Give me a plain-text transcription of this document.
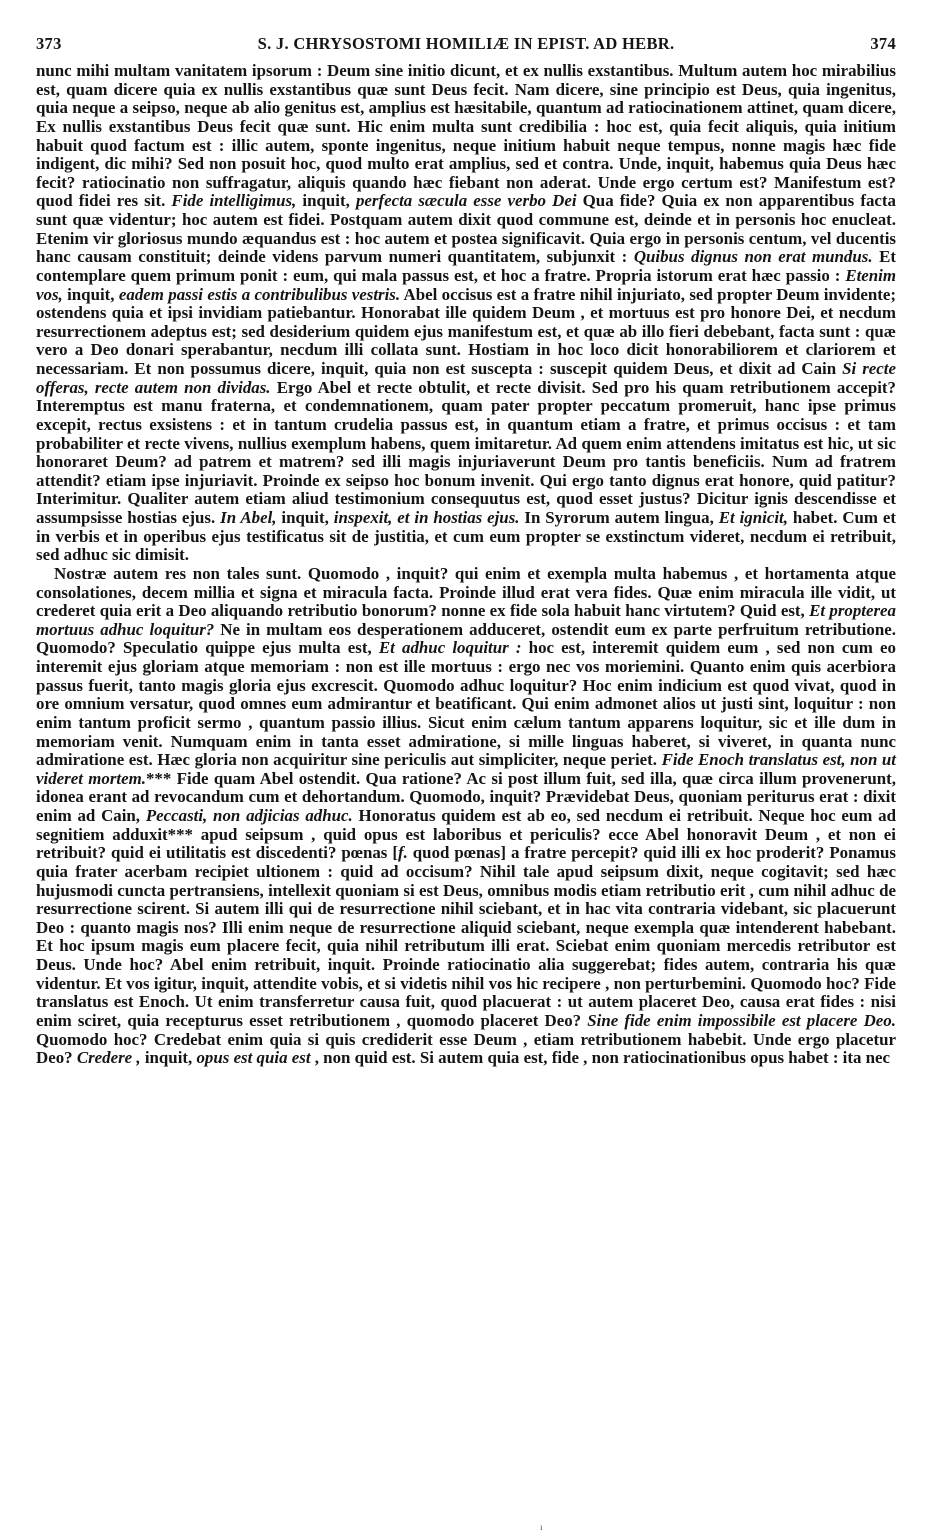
373	S. J. CHRYSOSTOMI HOMILIÆ IN EPIST. AD HEBR.	374

nunc mihi multam vanitatem ipsorum : Deum sine initio dicunt, et ex nullis exstantibus. Multum autem hoc mirabilius est, quam dicere quia ex nullis exstantibus quæ sunt Deus fecit. Nam dicere, sine principio est Deus, quia ingenitus, quia neque a seipso, neque ab alio genitus est, amplius est hæsitabile, quantum ad ratiocinationem attinet, quam dicere, Ex nullis exstantibus Deus fecit quæ sunt. Hic enim multa sunt credibilia : hoc est, quia fecit aliquis, quia initium habuit quod factum est : illic autem, sponte ingenitus, neque initium habuit neque tempus, nonne magis hæc fide indigent, dic mihi? Sed non posuit hoc, quod multo erat amplius, sed et contra. Unde, inquit, habemus quia Deus hæc fecit? ratiocinatio non suffragatur, aliquis quando hæc fiebant non aderat. Unde ergo certum est? Manifestum est? quod fidei res sit. Fide intelligimus, inquit, perfecta sæcula esse verbo Dei Qua fide? Quia ex non apparentibus facta sunt quæ videntur; hoc autem est fidei. Postquam autem dixit quod commune est, deinde et in personis hoc enucleat. Etenim vir gloriosus mundo æquandus est : hoc autem et postea significavit. Quia ergo in personis centum, vel ducentis hanc causam constituit; deinde videns parvum numeri quantitatem, subjunxit : Quibus dignus non erat mundus. Et contemplare quem primum ponit : eum, qui mala passus est, et hoc a fratre. Propria istorum erat hæc passio : Etenim vos, inquit, eadem passi estis a contribulibus vestris. Abel occisus est a fratre nihil injuriato, sed propter Deum invidente; ostendens quia et ipsi invidiam patiebantur. Honorabat ille quidem Deum , et mortuus est pro honore Dei, et necdum resurrectionem adeptus est; sed desiderium quidem ejus manifestum est, et quæ ab illo fieri debebant, facta sunt : quæ vero a Deo donari sperabantur, necdum illi collata sunt. Hostiam in hoc loco dicit honorabiliorem et clariorem et necessariam. Et non possumus dicere, inquit, quia non est suscepta : suscepit quidem Deus, et dixit ad Cain Si recte offeras, recte autem non dividas. Ergo Abel et recte obtulit, et recte divisit. Sed pro his quam retributionem accepit? Interemptus est manu fraterna, et condemnationem, quam pater propter peccatum promeruit, hanc ipse primus excepit, rectus exsistens : et in tantum crudelia passus est, in quantum etiam a fratre, et primus occisus : et tam probabiliter et recte vivens, nullius exemplum habens, quem imitaretur. Ad quem enim attendens imitatus est hic, ut sic honoraret Deum? ad patrem et matrem? sed illi magis injuriaverunt Deum pro tantis beneficiis. Num ad fratrem attendit? etiam ipse injuriavit. Proinde ex seipso hoc bonum invenit. Qui ergo tanto dignus erat honore, quid patitur? Interimitur. Qualiter autem etiam aliud testimonium consequutus est, quod esset justus? Dicitur ignis descendisse et assumpsisse hostias ejus. In Abel, inquit, inspexit, et in hostias ejus. In Syrorum autem lingua, Et ignicit, habet. Cum et in verbis et in operibus ejus testificatus sit de justitia, et cum eum propter se exstinctum videret, necdum ei retribuit, sed adhuc sic dimisit.

Nostræ autem res non tales sunt. Quomodo , inquit? qui enim et exempla multa habemus , et hortamenta atque consolationes, decem millia et signa et miracula facta. Proinde illud erat vera fides. Quæ enim miracula ille vidit, ut crederet quia erit a Deo aliquando retributio bonorum? nonne ex fide sola habuit hanc virtutem? Quid est, Et propterea mortuus adhuc loquitur? Ne in multam eos desperationem adduceret, ostendit eum ex parte perfruitum retributione. Quomodo? Speculatio quippe ejus multa est, Et adhuc loquitur : hoc est, interemit quidem eum , sed non cum eo interemit ejus gloriam atque memoriam : non est ille mortuus : ergo nec vos moriemini. Quanto enim quis acerbiora passus fuerit, tanto magis gloria ejus excrescit. Quomodo adhuc loquitur? Hoc enim indicium est quod vivat, quod in ore omnium versatur, quod omnes eum admirantur et beatificant. Qui enim admonet alios ut justi sint, loquitur : non enim tantum proficit sermo , quantum passio illius. Sicut enim cælum tantum apparens loquitur, sic et ille dum in memoriam venit. Numquam enim in tanta esset admiratione, si mille linguas haberet, si viveret, in quanta nunc admiratione est. Hæc gloria non acquiritur sine periculis aut simpliciter, neque periet. Fide Enoch translatus est, non ut videret mortem.*** Fide quam Abel ostendit. Qua ratione? Ac si post illum fuit, sed illa, quæ circa illum provenerunt, idonea erant ad revocandum cum et dehortandum. Quomodo, inquit? Prævidebat Deus, quoniam periturus erat : dixit enim ad Cain, Peccasti, non adjicias adhuc. Honoratus quidem est ab eo, sed necdum ei retribuit. Neque hoc eum ad segnitiem adduxit*** apud seipsum , quid opus est laboribus et periculis? ecce Abel honoravit Deum , et non ei retribuit? quid ei utilitatis est discedenti? pœnas [f. quod pœnas] a fratre percepit? quid illi ex hoc proderit? Ponamus quia frater acerbam recipiet ultionem : quid ad occisum? Nihil tale apud seipsum dixit, neque cogitavit; sed hæc hujusmodi cuncta pertransiens, intellexit quoniam si est Deus, omnibus modis etiam retributio erit , cum nihil adhuc de resurrectione scirent. Si autem illi qui de resurrectione nihil sciebant, et in hac vita contraria videbant, sic placuerunt Deo : quanto magis nos? Illi enim neque de resurrectione aliquid sciebant, neque exempla quæ intenderent habebant. Et hoc ipsum magis eum placere fecit, quia nihil retributum illi erat. Sciebat enim quoniam mercedis retributor est Deus. Unde hoc? Abel enim retribuit, inquit. Proinde ratiocinatio alia suggerebat; fides autem, contraria his quæ videntur. Et vos igitur, inquit, attendite vobis, et si videtis nihil vos hic recipere , non perturbemini. Quomodo hoc? Fide translatus est Enoch. Ut enim transferretur causa fuit, quod placuerat : ut autem placeret Deo, causa erat fides : nisi enim sciret, quia recepturus esset retributionem , quomodo placeret Deo? Sine fide enim impossibile est placere Deo. Quomodo hoc? Credebat enim quia si quis crediderit esse Deum , etiam retributionem habebit. Unde ergo placetur Deo? Credere , inquit, opus est quia est , non quid est. Si autem quia est, fide , non ratiocinationibus opus habet : ita nec

ı
